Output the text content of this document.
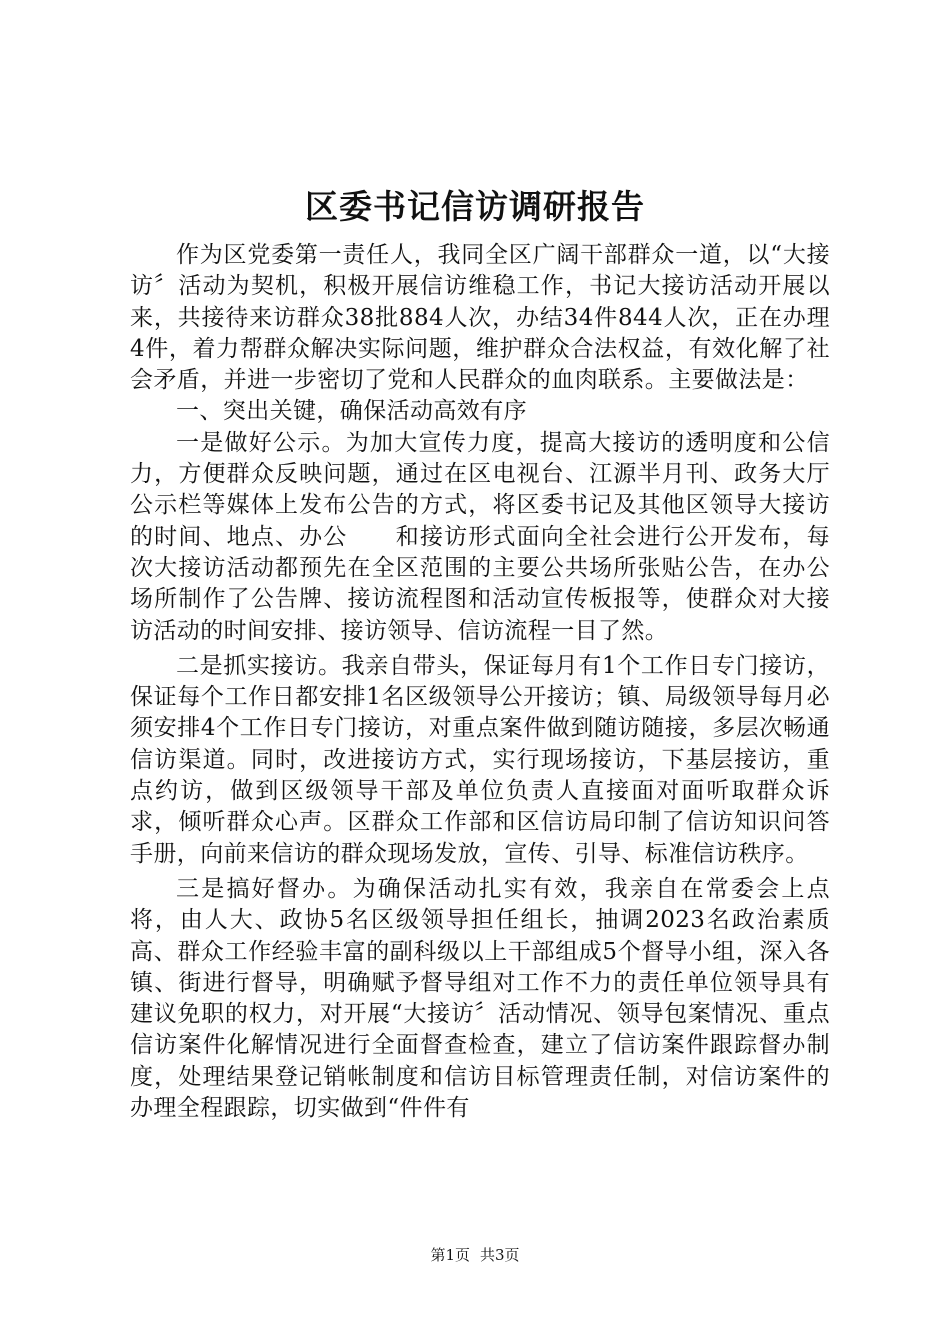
区委书记信访调研报告

作为区党委第一责任人，我同全区广阔干部群众一道，以“大接访〞活动为契机，积极开展信访维稳工作，书记大接访活动开展以来，共接待来访群众38批884人次，办结34件844人次，正在办理4件，着力帮群众解决实际问题，维护群众合法权益，有效化解了社会矛盾，并进一步密切了党和人民群众的血肉联系。主要做法是：

一、突出关键，确保活动高效有序

一是做好公示。为加大宣传力度，提高大接访的透明度和公信力，方便群众反映问题，通过在区电视台、江源半月刊、政务大厅公示栏等媒体上发布公告的方式，将区委书记及其他区领导大接访的时间、地点、办公　　和接访形式面向全社会进行公开发布，每次大接访活动都预先在全区范围的主要公共场所张贴公告，在办公场所制作了公告牌、接访流程图和活动宣传板报等，使群众对大接访活动的时间安排、接访领导、信访流程一目了然。

二是抓实接访。我亲自带头，保证每月有1个工作日专门接访，保证每个工作日都安排1名区级领导公开接访；镇、局级领导每月必须安排4个工作日专门接访，对重点案件做到随访随接，多层次畅通信访渠道。同时，改进接访方式，实行现场接访，下基层接访，重点约访，做到区级领导干部及单位负责人直接面对面听取群众诉求，倾听群众心声。区群众工作部和区信访局印制了信访知识问答手册，向前来信访的群众现场发放，宣传、引导、标准信访秩序。

三是搞好督办。为确保活动扎实有效，我亲自在常委会上点将，由人大、政协5名区级领导担任组长，抽调2023名政治素质高、群众工作经验丰富的副科级以上干部组成5个督导小组，深入各镇、街进行督导，明确赋予督导组对工作不力的责任单位领导具有建议免职的权力，对开展“大接访〞活动情况、领导包案情况、重点信访案件化解情况进行全面督查检查，建立了信访案件跟踪督办制度，处理结果登记销帐制度和信访目标管理责任制，对信访案件的办理全程跟踪，切实做到“件件有

第1页 共3页
